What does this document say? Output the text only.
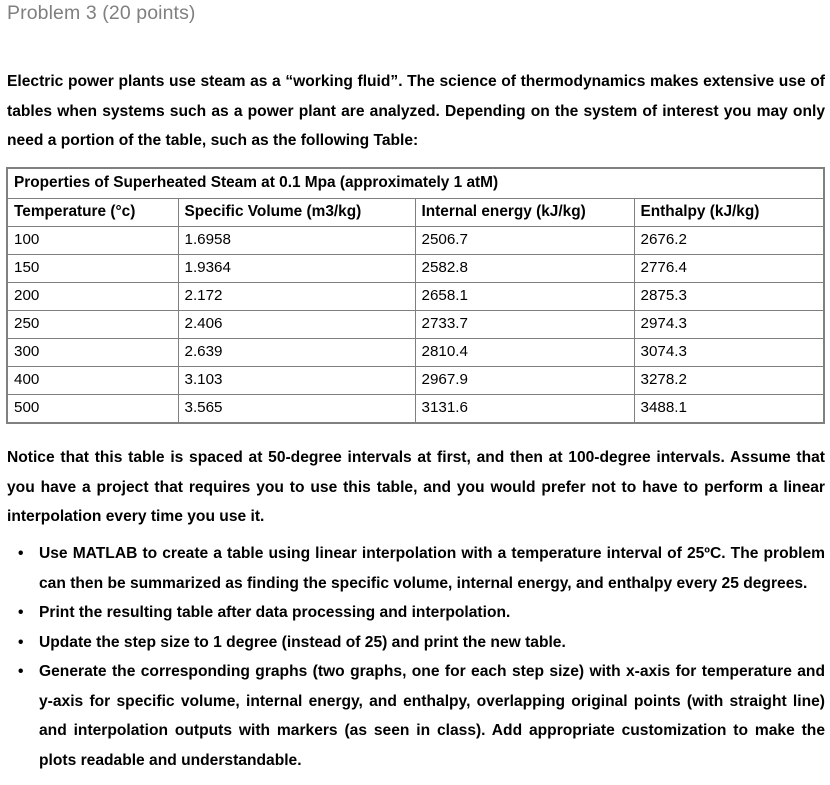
Problem 3 (20 points)
Electric power plants use steam as a “working fluid”. The science of thermodynamics makes extensive use of tables when systems such as a power plant are analyzed. Depending on the system of interest you may only need a portion of the table, such as the following Table:
Properties of Superheated Steam at 0.1 Mpa (approximately 1 atM)			
Temperature (°c)	Specific Volume (m3/kg)	Internal energy (kJ/kg)	Enthalpy (kJ/kg)
100	1.6958	2506.7	2676.2
150	1.9364	2582.8	2776.4
200	2.172	2658.1	2875.3
250	2.406	2733.7	2974.3
300	2.639	2810.4	3074.3
400	3.103	2967.9	3278.2
500	3.565	3131.6	3488.1
Notice that this table is spaced at 50-degree intervals at first, and then at 100-degree intervals. Assume that you have a project that requires you to use this table, and you would prefer not to have to perform a linear interpolation every time you use it.
• Use MATLAB to create a table using linear interpolation with a temperature interval of 25ºC. The problem can then be summarized as finding the specific volume, internal energy, and enthalpy every 25 degrees.
• Print the resulting table after data processing and interpolation.
• Update the step size to 1 degree (instead of 25) and print the new table.
• Generate the corresponding graphs (two graphs, one for each step size) with x-axis for temperature and y-axis for specific volume, internal energy, and enthalpy, overlapping original points (with straight line) and interpolation outputs with markers (as seen in class). Add appropriate customization to make the plots readable and understandable.
